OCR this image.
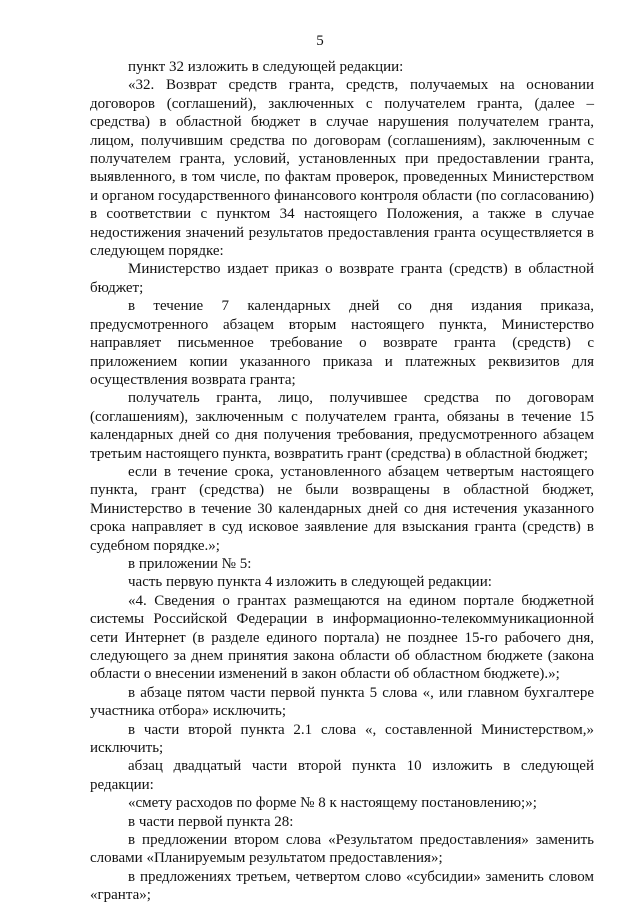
5

пункт 32 изложить в следующей редакции:

«32. Возврат средств гранта, средств, получаемых на основании договоров (соглашений), заключенных с получателем гранта, (далее – средства) в областной бюджет в случае нарушения получателем гранта, лицом, получившим средства по договорам (соглашениям), заключенным с получателем гранта, условий, установленных при предоставлении гранта, выявленного, в том числе, по фактам проверок, проведенных Министерством и органом государственного финансового контроля области (по согласованию) в соответствии с пунктом 34 настоящего Положения, а также в случае недостижения значений результатов предоставления гранта осуществляется в следующем порядке:

Министерство издает приказ о возврате гранта (средств) в областной бюджет;

в течение 7 календарных дней со дня издания приказа, предусмотренного абзацем вторым настоящего пункта, Министерство направляет письменное требование о возврате гранта (средств) с приложением копии указанного приказа и платежных реквизитов для осуществления возврата гранта;

получатель гранта, лицо, получившее средства по договорам (соглашениям), заключенным с получателем гранта, обязаны в течение 15 календарных дней со дня получения требования, предусмотренного абзацем третьим настоящего пункта, возвратить грант (средства) в областной бюджет;

если в течение срока, установленного абзацем четвертым настоящего пункта, грант (средства) не были возвращены в областной бюджет, Министерство в течение 30 календарных дней со дня истечения указанного срока направляет в суд исковое заявление для взыскания гранта (средств) в судебном порядке.»;

в приложении № 5:

часть первую пункта 4 изложить в следующей редакции:

«4. Сведения о грантах размещаются на едином портале бюджетной системы Российской Федерации в информационно-телекоммуникационной сети Интернет (в разделе единого портала) не позднее 15-го рабочего дня, следующего за днем принятия закона области об областном бюджете (закона области о внесении изменений в закон области об областном бюджете).»;

в абзаце пятом части первой пункта 5 слова «, или главном бухгалтере участника отбора» исключить;

в части второй пункта 2.1 слова «, составленной Министерством,» исключить;

абзац двадцатый части второй пункта 10 изложить в следующей редакции:

«смету расходов по форме № 8 к настоящему постановлению;»;

в части первой пункта 28:

в предложении втором слова «Результатом предоставления» заменить словами «Планируемым результатом предоставления»;

в предложениях третьем, четвертом слово «субсидии» заменить словом «гранта»;
